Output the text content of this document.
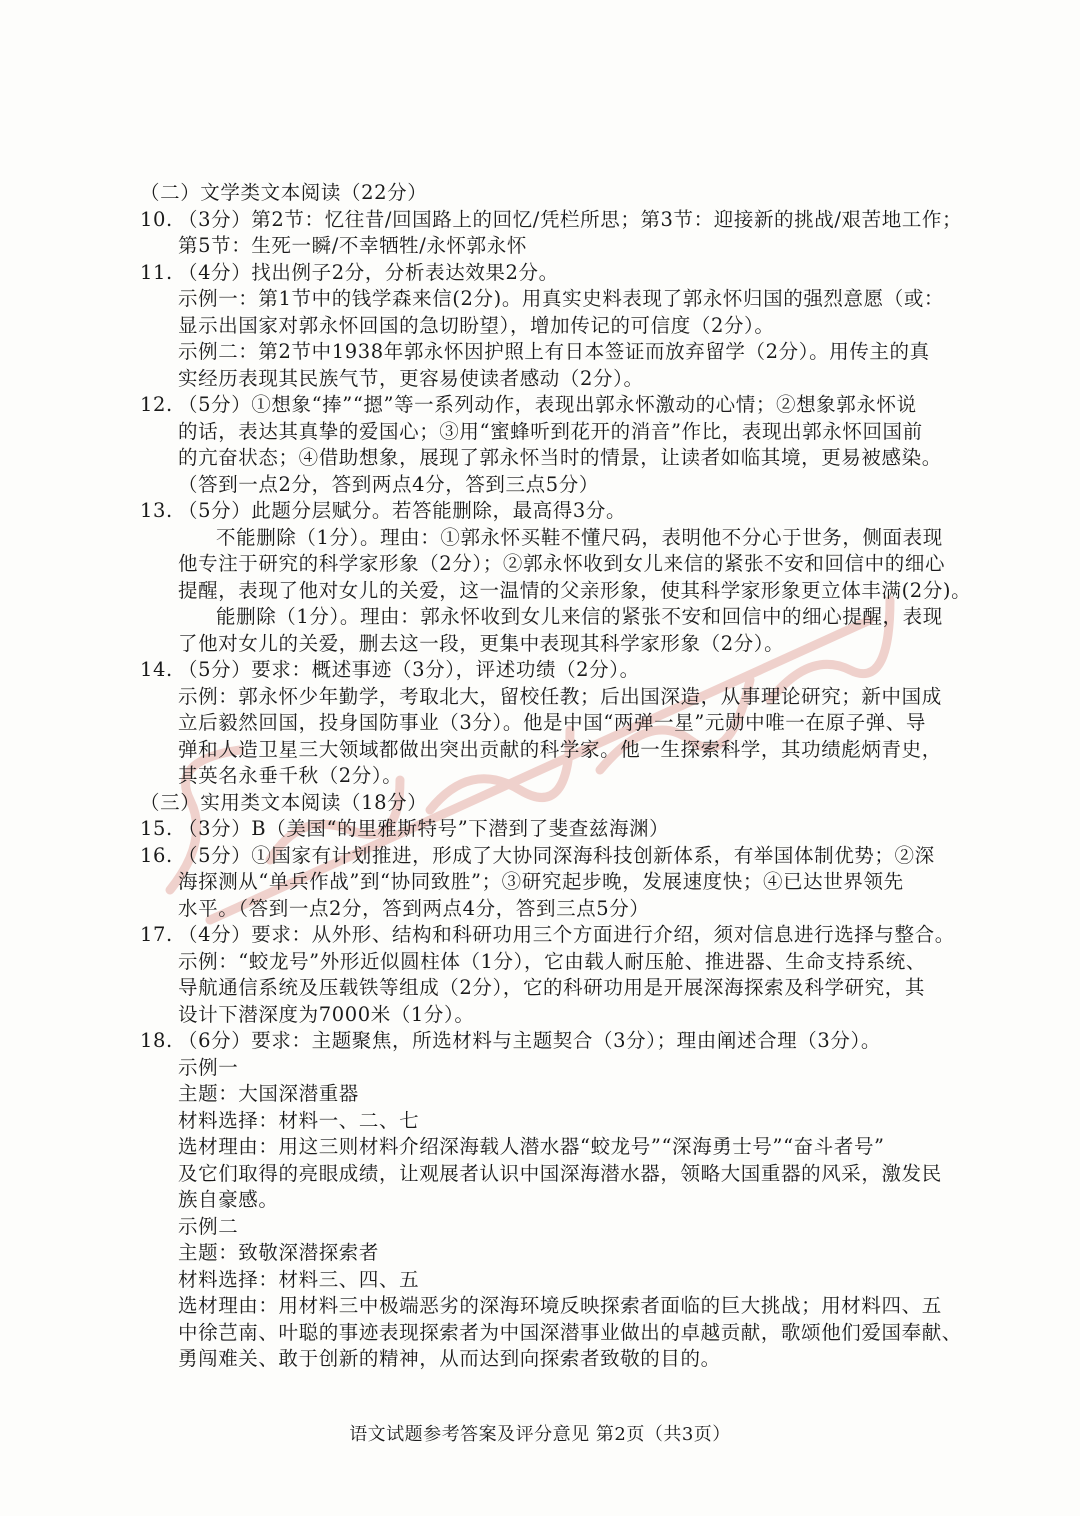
（二）文学类文本阅读（22分）
10. （3分）第2节：忆往昔/回国路上的回忆/凭栏所思；第3节：迎接新的挑战/艰苦地工作；
第5节：生死一瞬/不幸牺牲/永怀郭永怀
11. （4分）找出例子2分，分析表达效果2分。
示例一：第1节中的钱学森来信(2分)。用真实史料表现了郭永怀归国的强烈意愿（或：
显示出国家对郭永怀回国的急切盼望），增加传记的可信度（2分）。
示例二：第2节中1938年郭永怀因护照上有日本签证而放弃留学（2分）。用传主的真
实经历表现其民族气节，更容易使读者感动（2分）。
12. （5分）①想象“捧”“摁”等一系列动作，表现出郭永怀激动的心情；②想象郭永怀说
的话，表达其真挚的爱国心；③用“蜜蜂听到花开的消音”作比，表现出郭永怀回国前
的亢奋状态；④借助想象，展现了郭永怀当时的情景，让读者如临其境，更易被感染。
（答到一点2分，答到两点4分，答到三点5分）
13. （5分）此题分层赋分。若答能删除，最高得3分。
不能删除（1分）。理由：①郭永怀买鞋不懂尺码，表明他不分心于世务，侧面表现
他专注于研究的科学家形象（2分）；②郭永怀收到女儿来信的紧张不安和回信中的细心
提醒，表现了他对女儿的关爱，这一温情的父亲形象，使其科学家形象更立体丰满(2分)。
能删除（1分）。理由：郭永怀收到女儿来信的紧张不安和回信中的细心提醒，表现
了他对女儿的关爱，删去这一段，更集中表现其科学家形象（2分）。
14. （5分）要求：概述事迹（3分），评述功绩（2分）。
示例：郭永怀少年勤学，考取北大，留校任教；后出国深造，从事理论研究；新中国成
立后毅然回国，投身国防事业（3分）。他是中国“两弹一星”元勋中唯一在原子弹、导
弹和人造卫星三大领域都做出突出贡献的科学家。他一生探索科学，其功绩彪炳青史，
其英名永垂千秋（2分）。
（三）实用类文本阅读（18分）
15. （3分）B（美国“的里雅斯特号”下潜到了斐查兹海渊）
16. （5分）①国家有计划推进，形成了大协同深海科技创新体系，有举国体制优势；②深
海探测从“单兵作战”到“协同致胜”；③研究起步晚，发展速度快；④已达世界领先
水平。（答到一点2分，答到两点4分，答到三点5分）
17. （4分）要求：从外形、结构和科研功用三个方面进行介绍，须对信息进行选择与整合。
示例：“蛟龙号”外形近似圆柱体（1分），它由载人耐压舱、推进器、生命支持系统、
导航通信系统及压载铁等组成（2分），它的科研功用是开展深海探索及科学研究，其
设计下潜深度为7000米（1分）。
18. （6分）要求：主题聚焦，所选材料与主题契合（3分）；理由阐述合理（3分）。
示例一
主题：大国深潜重器
材料选择：材料一、二、七
选材理由：用这三则材料介绍深海载人潜水器“蛟龙号”“深海勇士号”“奋斗者号”
及它们取得的亮眼成绩，让观展者认识中国深海潜水器，领略大国重器的风采，激发民
族自豪感。
示例二
主题：致敬深潜探索者
材料选择：材料三、四、五
选材理由：用材料三中极端恶劣的深海环境反映探索者面临的巨大挑战；用材料四、五
中徐芑南、叶聪的事迹表现探索者为中国深潜事业做出的卓越贡献，歌颂他们爱国奉献、
勇闯难关、敢于创新的精神，从而达到向探索者致敬的目的。
语文试题参考答案及评分意见 第2页（共3页）
